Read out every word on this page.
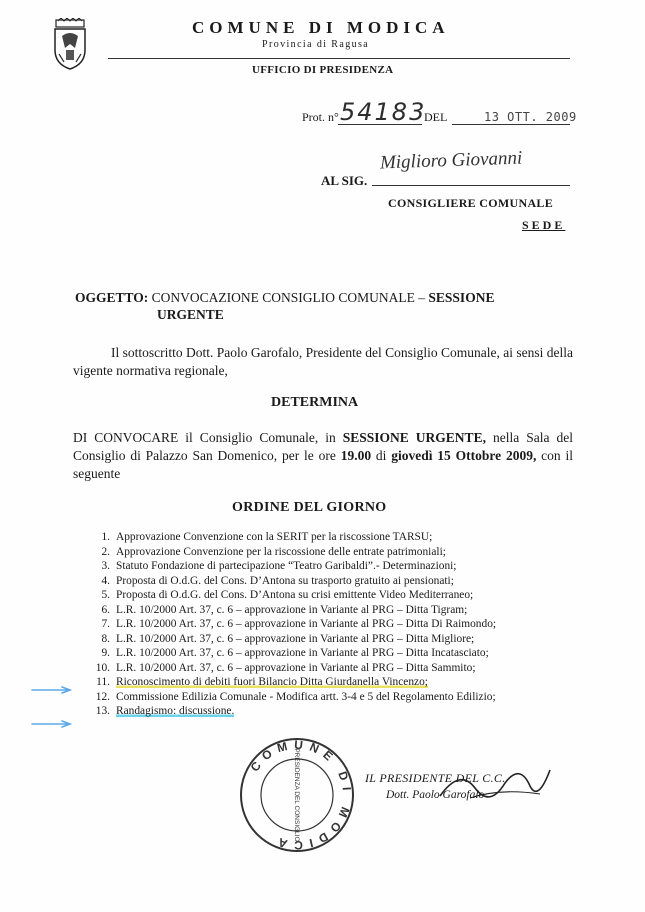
COMUNE DI MODICA
Provincia di Ragusa
UFFICIO DI PRESIDENZA
Prot. n° 54183
DEL	13 OTT. 2009
AL SIG.
Miglioro Giovanni
CONSIGLIERE COMUNALE
SEDE
OGGETTO: CONVOCAZIONE CONSIGLIO COMUNALE – SESSIONE
URGENTE
Il sottoscritto Dott. Paolo Garofalo, Presidente del Consiglio Comunale, ai sensi della vigente normativa regionale,
DETERMINA
DI CONVOCARE il Consiglio Comunale, in SESSIONE URGENTE, nella Sala del Consiglio di Palazzo San Domenico, per le ore 19.00 di giovedì 15 Ottobre 2009, con il seguente
ORDINE DEL GIORNO
1. Approvazione Convenzione con la SERIT per la riscossione TARSU;
2. Approvazione Convenzione per la riscossione delle entrate patrimoniali;
3. Statuto Fondazione di partecipazione “Teatro Garibaldi”.- Determinazioni;
4. Proposta di O.d.G. del Cons. D’Antona su trasporto gratuito ai pensionati;
5. Proposta di O.d.G. del Cons. D’Antona su crisi emittente Video Mediterraneo;
6. L.R. 10/2000 Art. 37, c. 6 – approvazione in Variante al PRG – Ditta Tigram;
7. L.R. 10/2000 Art. 37, c. 6 – approvazione in Variante al PRG – Ditta Di Raimondo;
8. L.R. 10/2000 Art. 37, c. 6 – approvazione in Variante al PRG – Ditta Migliore;
9. L.R. 10/2000 Art. 37, c. 6 – approvazione in Variante al PRG – Ditta Incatasciato;
10. L.R. 10/2000 Art. 37, c. 6 – approvazione in Variante al PRG – Ditta Sammito;
11. Riconoscimento di debiti fuori Bilancio Ditta Giurdanella Vincenzo;
12. Commissione Edilizia Comunale - Modifica artt. 3-4 e 5 del Regolamento Edilizio;
13. Randagismo: discussione.
COMUNE DI MODICA
PRESIDENZA DEL CONSIGLIO	IL PRESIDENTE DEL C.C.
Dott. Paolo Garofalo
